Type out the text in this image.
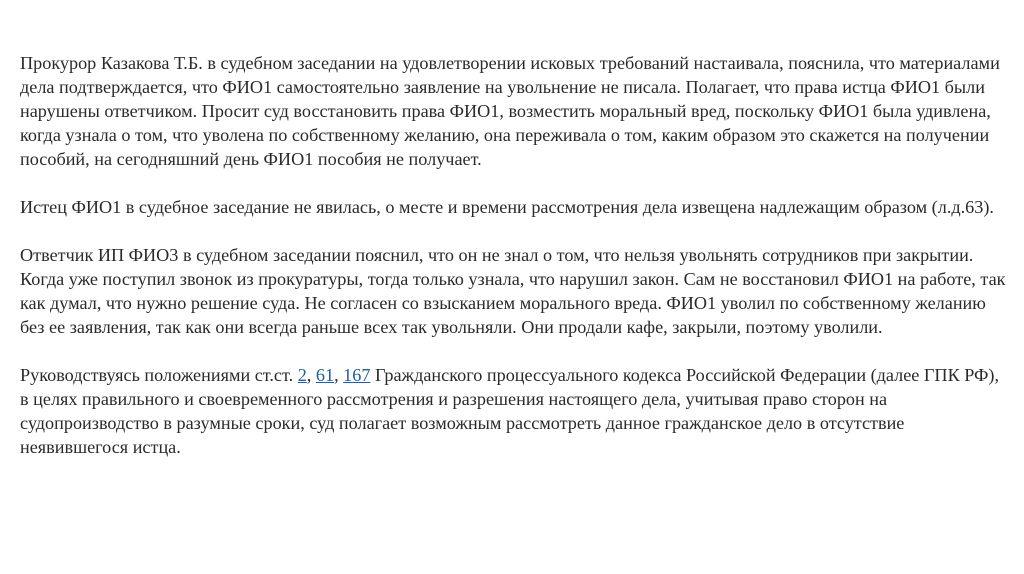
Прокурор Казакова Т.Б. в судебном заседании на удовлетворении исковых требований настаивала, пояснила, что материалами дела подтверждается, что ФИО1 самостоятельно заявление на увольнение не писала. Полагает, что права истца ФИО1 были нарушены ответчиком. Просит суд восстановить права ФИО1, возместить моральный вред, поскольку ФИО1 была удивлена, когда узнала о том, что уволена по собственному желанию, она переживала о том, каким образом это скажется на получении пособий, на сегодняшний день ФИО1 пособия не получает.

Истец ФИО1 в судебное заседание не явилась, о месте и времени рассмотрения дела извещена надлежащим образом (л.д.63).

Ответчик ИП ФИО3 в судебном заседании пояснил, что он не знал о том, что нельзя увольнять сотрудников при закрытии. Когда уже поступил звонок из прокуратуры, тогда только узнала, что нарушил закон. Сам не восстановил ФИО1 на работе, так как думал, что нужно решение суда. Не согласен со взысканием морального вреда. ФИО1 уволил по собственному желанию без ее заявления, так как они всегда раньше всех так увольняли. Они продали кафе, закрыли, поэтому уволили.

Руководствуясь положениями ст.ст. 2, 61, 167 Гражданского процессуального кодекса Российской Федерации (далее ГПК РФ), в целях правильного и своевременного рассмотрения и разрешения настоящего дела, учитывая право сторон на судопроизводство в разумные сроки, суд полагает возможным рассмотреть данное гражданское дело в отсутствие неявившегося истца.
